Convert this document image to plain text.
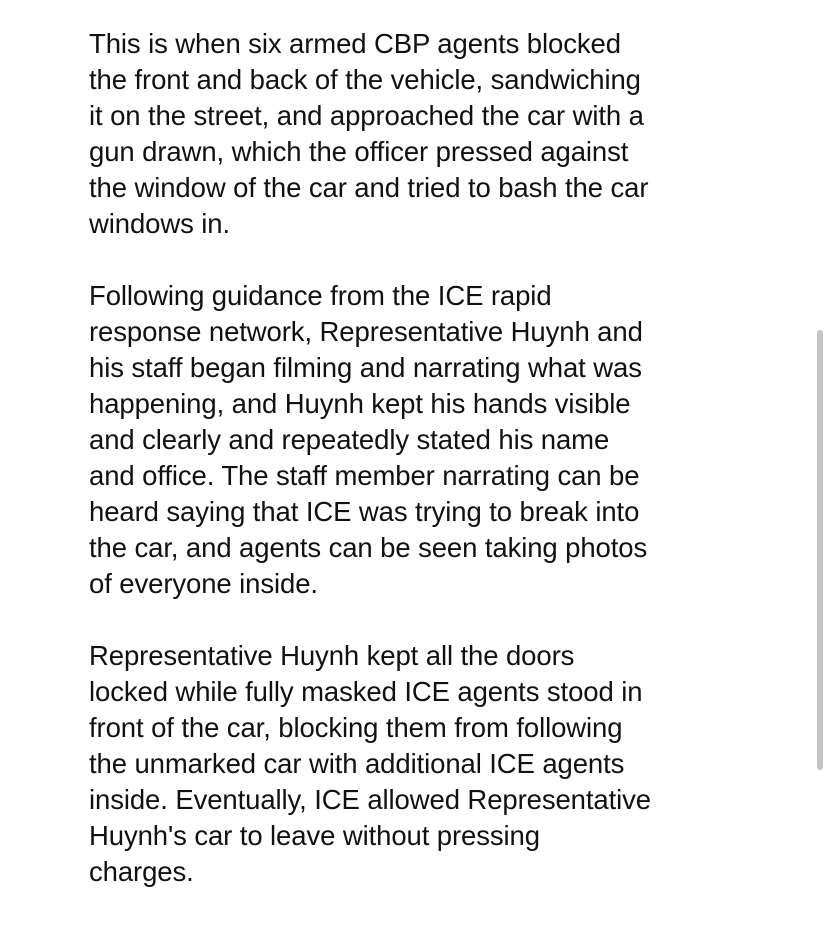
This is when six armed CBP agents blocked
the front and back of the vehicle, sandwiching
it on the street, and approached the car with a
gun drawn, which the officer pressed against
the window of the car and tried to bash the car
windows in.

Following guidance from the ICE rapid
response network, Representative Huynh and
his staff began filming and narrating what was
happening, and Huynh kept his hands visible
and clearly and repeatedly stated his name
and office. The staff member narrating can be
heard saying that ICE was trying to break into
the car, and agents can be seen taking photos
of everyone inside.

Representative Huynh kept all the doors
locked while fully masked ICE agents stood in
front of the car, blocking them from following
the unmarked car with additional ICE agents
inside. Eventually, ICE allowed Representative
Huynh's car to leave without pressing
charges.
